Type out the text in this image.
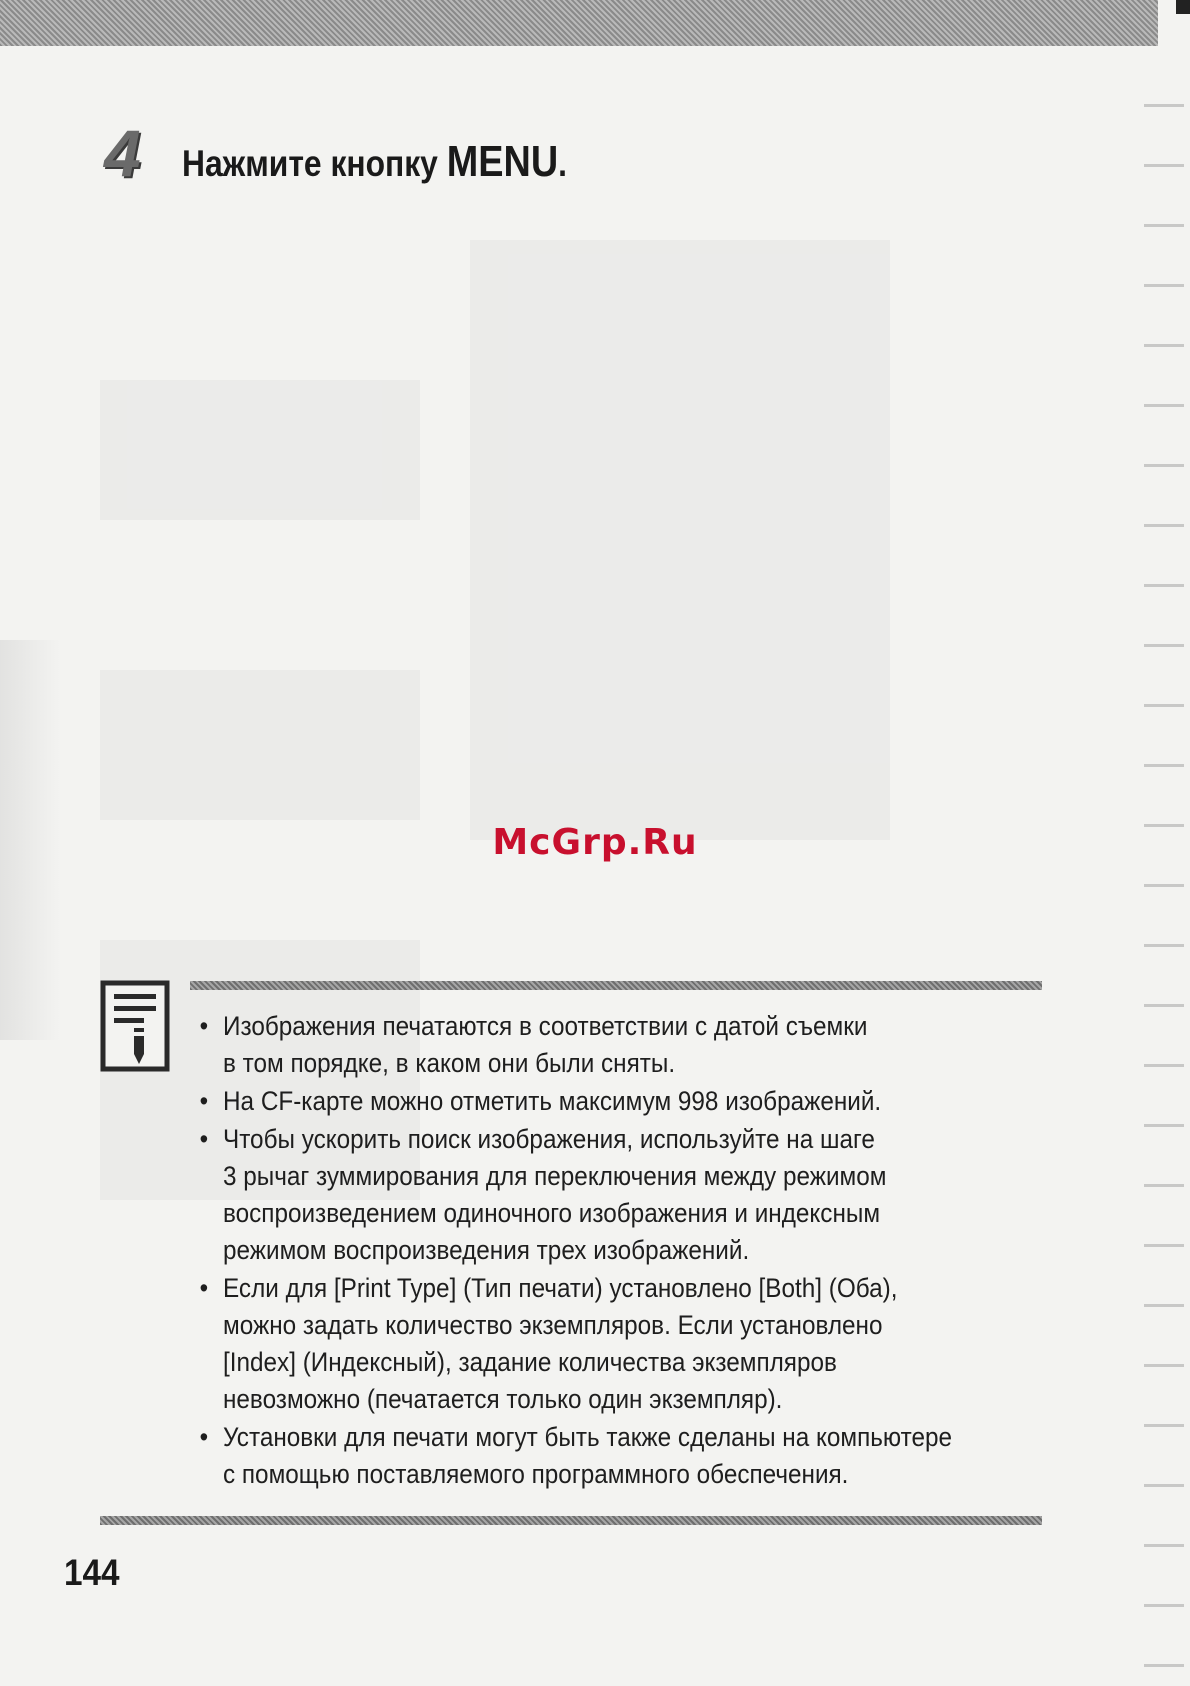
4 Нажмите кнопку MENU.
McGrp.Ru
• Изображения печатаются в соответствии с датой съемки
в том порядке, в каком они были сняты.
• На CF-карте можно отметить максимум 998 изображений.
• Чтобы ускорить поиск изображения, используйте на шаге
3 рычаг зуммирования для переключения между режимом
воспроизведением одиночного изображения и индексным
режимом воспроизведения трех изображений.
• Если для [Print Type] (Тип печати) установлено [Both] (Оба),
можно задать количество экземпляров. Если установлено
[Index] (Индексный), задание количества экземпляров
невозможно (печатается только один экземпляр).
• Установки для печати могут быть также сделаны на компьютере
с помощью поставляемого программного обеспечения.
144
